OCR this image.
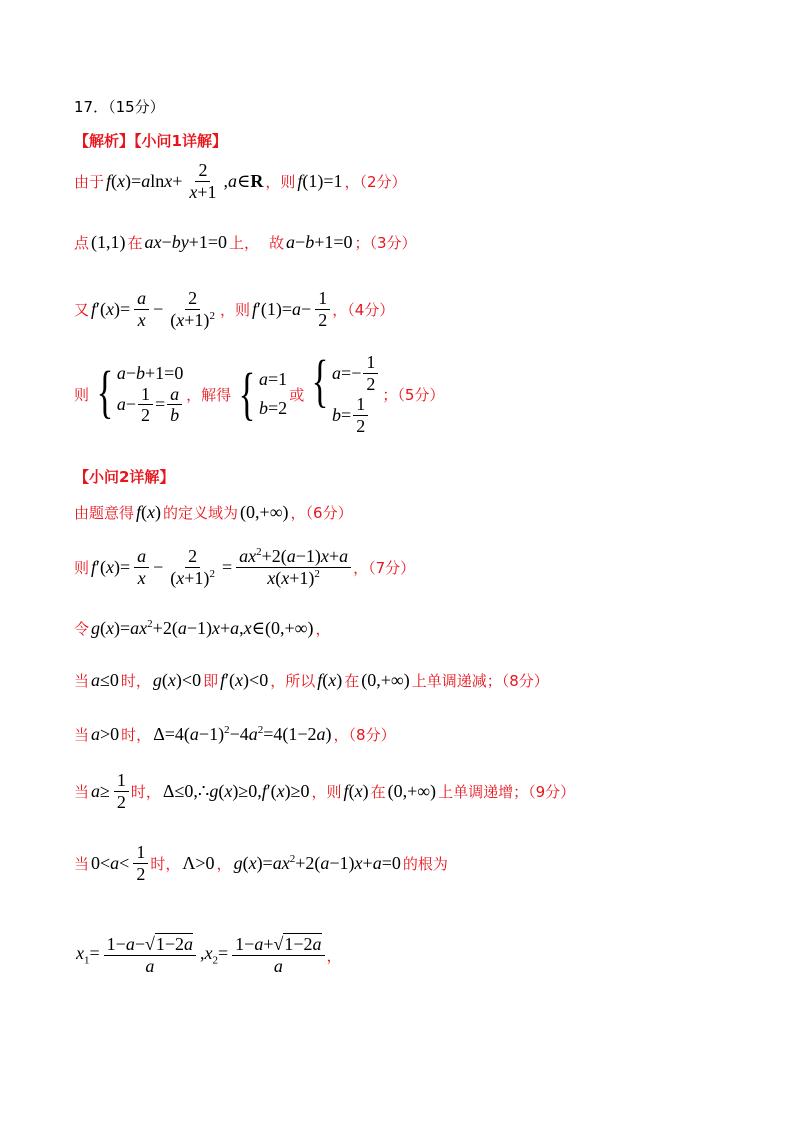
17．（15分）
【解析】【小问1详解】
由于 $f(x)=alnx+ \frac{2}{x+1}$ ,a∈R ，则 f(1)=1 ，（2分）
点 (1,1) 在 ax−by+1=0 上， 故 a−b+1=0 ；（3分）
又 $f'(x)= \frac{a}{x} - \frac{2}{(x+1)^2}$ ，则 $f'(1)=a- \frac{1}{2}$ ，（4分）
则 { a−b+1=0
$a - \frac{1}{2} = \frac{a}{b}$ ，解得 { a=1
b=2
或 { $a =- \frac{1}{2}$
$b = \frac{1}{2}$ ；（5分）
【小问2详解】
由题意得 f(x) 的定义域为 (0,+∞) ，（6分）
则 $f'(x)= \frac{a}{x} - \frac{2}{(x+1)^2} = \frac{ax^2+2(a-1)x+a}{x(x+1)^2}$ ，（7分）
令 $g(x)=ax^2+2(a-1)x+a,x\in(0,+\infty)$ ，
当 a≤0 时， g(x)<0 即 f′(x)<0 ，所以 f(x) 在 (0,+∞) 上单调递减；（8分）
当 a>0 时， $\Delta=4(a-1)^2-4a^2=4(1-2a)$ ，（8分）
当 $a\ge \frac{1}{2}$ 时， Δ≤0,∴g(x)≥0,f′(x)≥0 ，则 f(x) 在 (0,+∞) 上单调递增；（9分）
当 $0<a< \frac{1}{2}$ 时， Λ>0 ， $g(x)=ax^2+2(a-1)x+a=0$ 的根为
$x_1= \frac{1-a-√1-2a}{a} ,x_2= \frac{1-a+√1-2a}{a}$ ，
